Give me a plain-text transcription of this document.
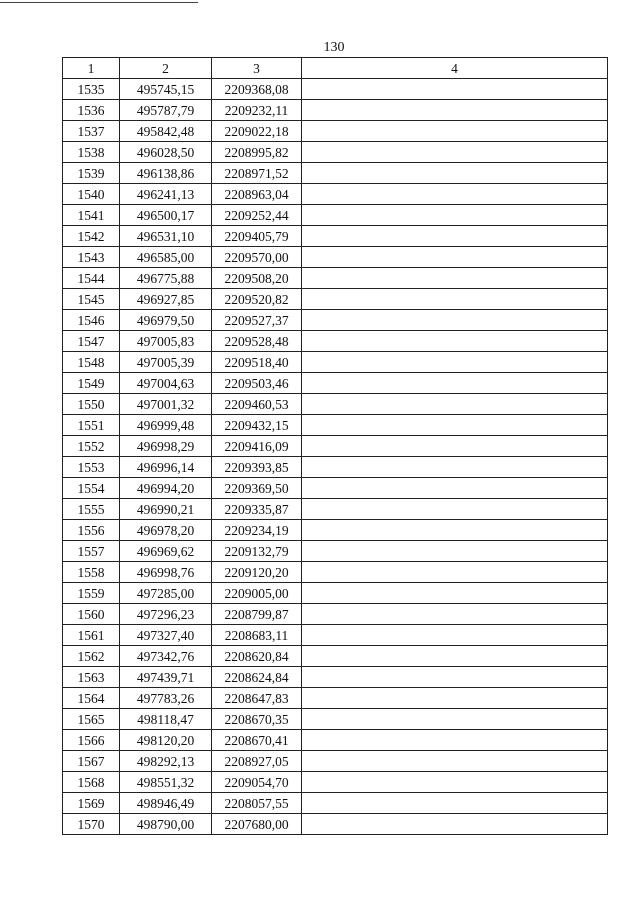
130
1	2	3	4
1535	495745,15	2209368,08	
1536	495787,79	2209232,11	
1537	495842,48	2209022,18	
1538	496028,50	2208995,82	
1539	496138,86	2208971,52	
1540	496241,13	2208963,04	
1541	496500,17	2209252,44	
1542	496531,10	2209405,79	
1543	496585,00	2209570,00	
1544	496775,88	2209508,20	
1545	496927,85	2209520,82	
1546	496979,50	2209527,37	
1547	497005,83	2209528,48	
1548	497005,39	2209518,40	
1549	497004,63	2209503,46	
1550	497001,32	2209460,53	
1551	496999,48	2209432,15	
1552	496998,29	2209416,09	
1553	496996,14	2209393,85	
1554	496994,20	2209369,50	
1555	496990,21	2209335,87	
1556	496978,20	2209234,19	
1557	496969,62	2209132,79	
1558	496998,76	2209120,20	
1559	497285,00	2209005,00	
1560	497296,23	2208799,87	
1561	497327,40	2208683,11	
1562	497342,76	2208620,84	
1563	497439,71	2208624,84	
1564	497783,26	2208647,83	
1565	498118,47	2208670,35	
1566	498120,20	2208670,41	
1567	498292,13	2208927,05	
1568	498551,32	2209054,70	
1569	498946,49	2208057,55	
1570	498790,00	2207680,00	
